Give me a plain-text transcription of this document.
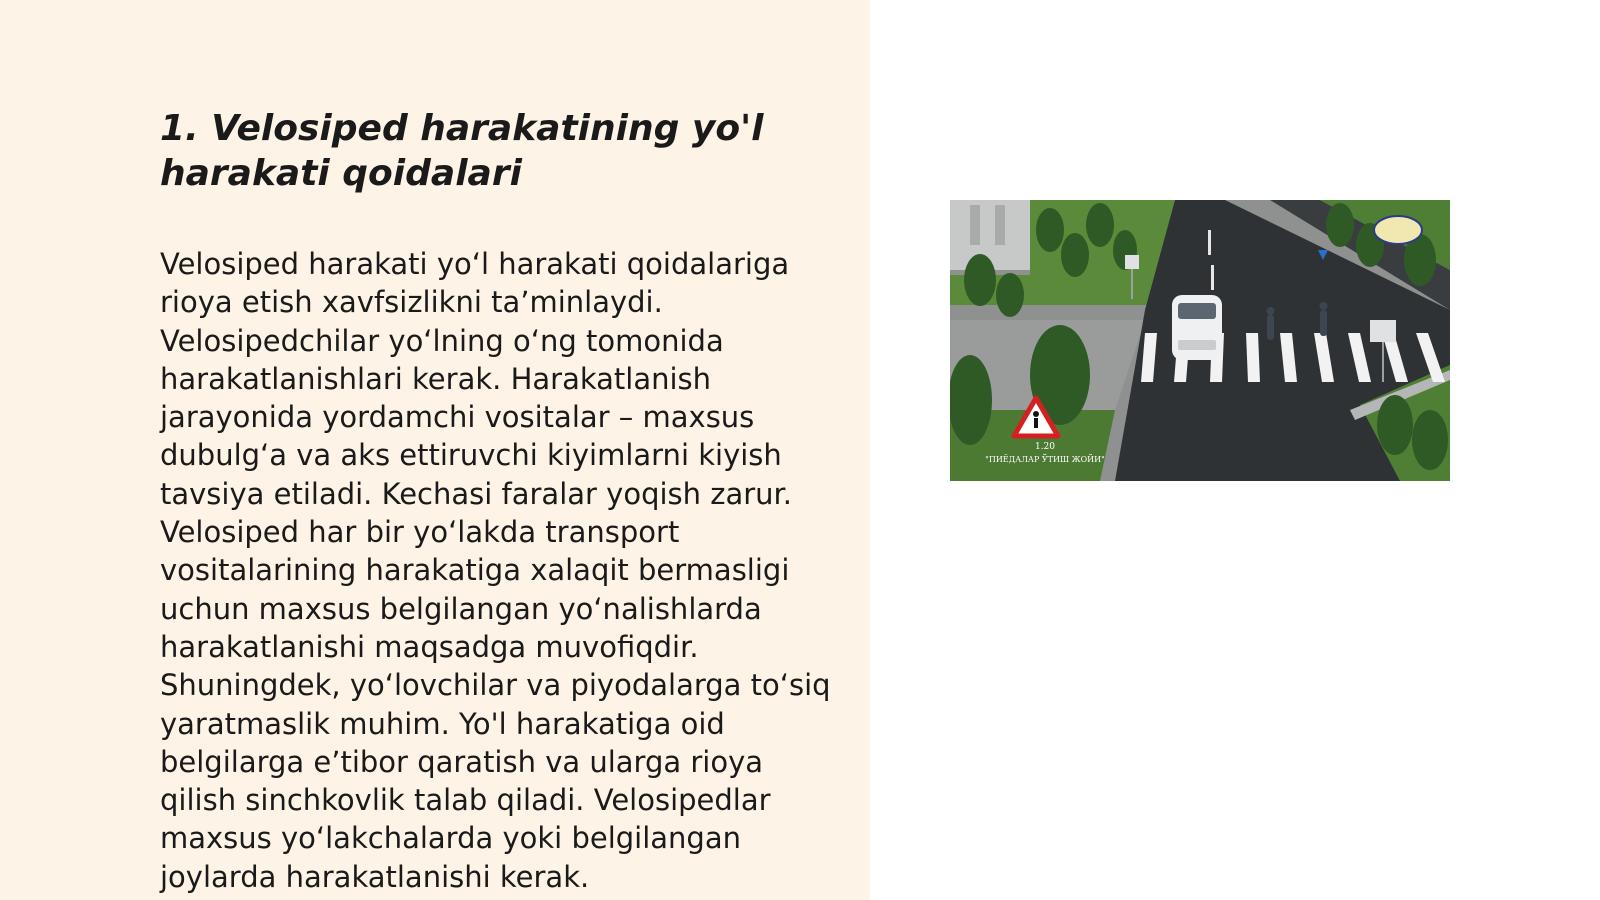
1. Velosiped harakatining yo'l harakati qoidalari

Velosiped harakati yoʻl harakati qoidalariga rioya etish xavfsizlikni taʼminlaydi. Velosipedchilar yoʻlning oʻng tomonida harakatlanishlari kerak. Harakatlanish jarayonida yordamchi vositalar – maxsus dubulgʻa va aks ettiruvchi kiyimlarni kiyish tavsiya etiladi. Kechasi faralar yoqish zarur. Velosiped har bir yoʻlakda transport vositalarining harakatiga xalaqit bermasligi uchun maxsus belgilangan yoʻnalishlarda harakatlanishi maqsadga muvofiqdir. Shuningdek, yoʻlovchilar va piyodalarga toʻsiq yaratmaslik muhim. Yo'l harakatiga oid belgilarga eʼtibor qaratish va ularga rioya qilish sinchkovlik talab qiladi. Velosipedlar maxsus yoʻlakchalarda yoki belgilangan joylarda harakatlanishi kerak.

1.20
"ПИЁДАЛАР ЎТИШ ЖОЙИ"
